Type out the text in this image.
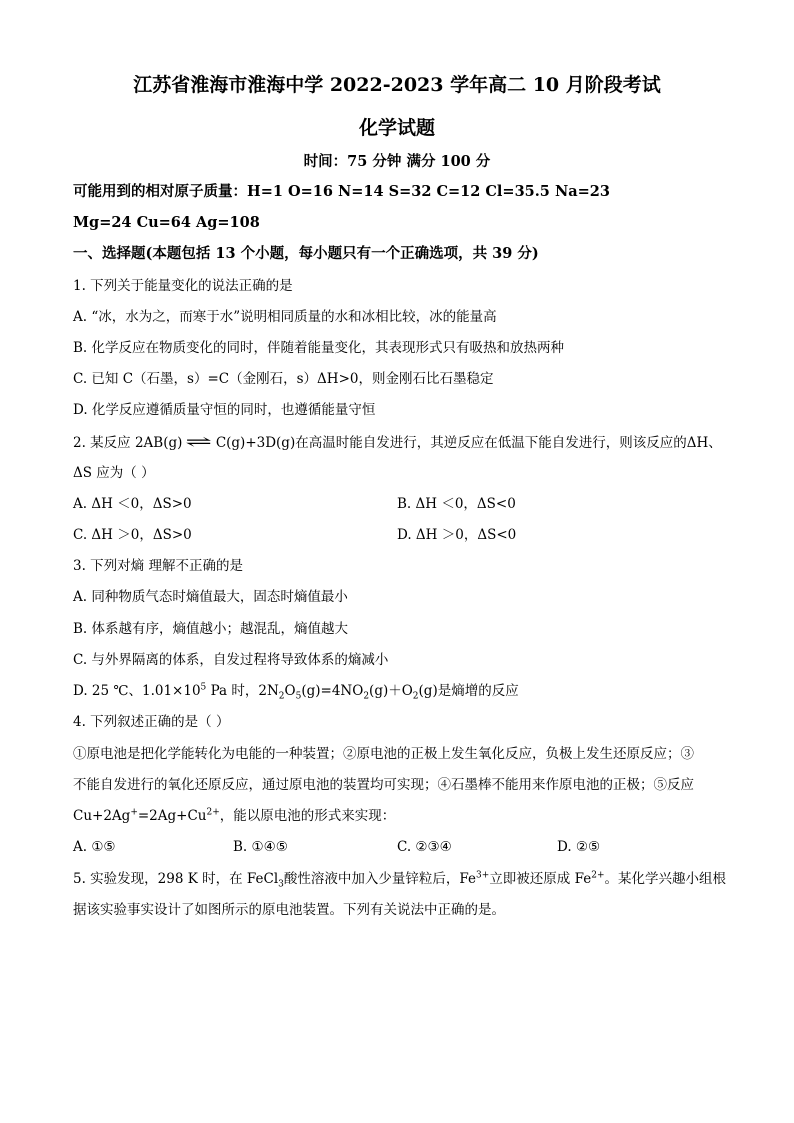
江苏省淮海市淮海中学 2022-2023 学年高二 10 月阶段考试
化学试题
时间：75 分钟 满分 100 分
可能用到的相对原子质量：H=1 O=16 N=14 S=32 C=12 Cl=35.5 Na=23
Mg=24 Cu=64 Ag=108
一、选择题(本题包括 13 个小题，每小题只有一个正确选项，共 39 分)
1. 下列关于能量变化的说法正确的是
A. “冰，水为之，而寒于水”说明相同质量的水和冰相比较，冰的能量高
B. 化学反应在物质变化的同时，伴随着能量变化，其表现形式只有吸热和放热两种
C. 已知 C（石墨，s）=C（金刚石，s）ΔH>0，则金刚石比石墨稳定
D. 化学反应遵循质量守恒的同时，也遵循能量守恒
2. 某反应 2AB(g) ⇌ C(g)+3D(g)在高温时能自发进行，其逆反应在低温下能自发进行，则该反应的ΔH、
ΔS 应为（ ）
A. ΔH ＜0，ΔS>0	B. ΔH ＜0，ΔS<0
C. ΔH ＞0，ΔS>0	D. ΔH ＞0，ΔS<0
3. 下列对熵 理解不正确的是
A. 同种物质气态时熵值最大，固态时熵值最小
B. 体系越有序，熵值越小；越混乱，熵值越大
C. 与外界隔离的体系，自发过程将导致体系的熵减小
D. 25 ℃、$1.01\times 10^5$ Pa 时，$2N_2O_5(g)=4NO_2(g)+O_2(g)$是熵增的反应
4. 下列叙述正确的是（ ）
①原电池是把化学能转化为电能的一种装置；②原电池的正极上发生氧化反应，负极上发生还原反应；③
不能自发进行的氧化还原反应，通过原电池的装置均可实现；④石墨棒不能用来作原电池的正极；⑤反应
$Cu+2Ag^+=2Ag+Cu^{2+}$，能以原电池的形式来实现：
A. ①⑤	B. ①④⑤	C. ②③④	D. ②⑤
5. 实验发现，298 K 时，在 FeCl$_3$酸性溶液中加入少量锌粒后，$Fe^{3+}$立即被还原成 $Fe^{2+}$。某化学兴趣小组根
据该实验事实设计了如图所示的原电池装置。下列有关说法中正确的是。
